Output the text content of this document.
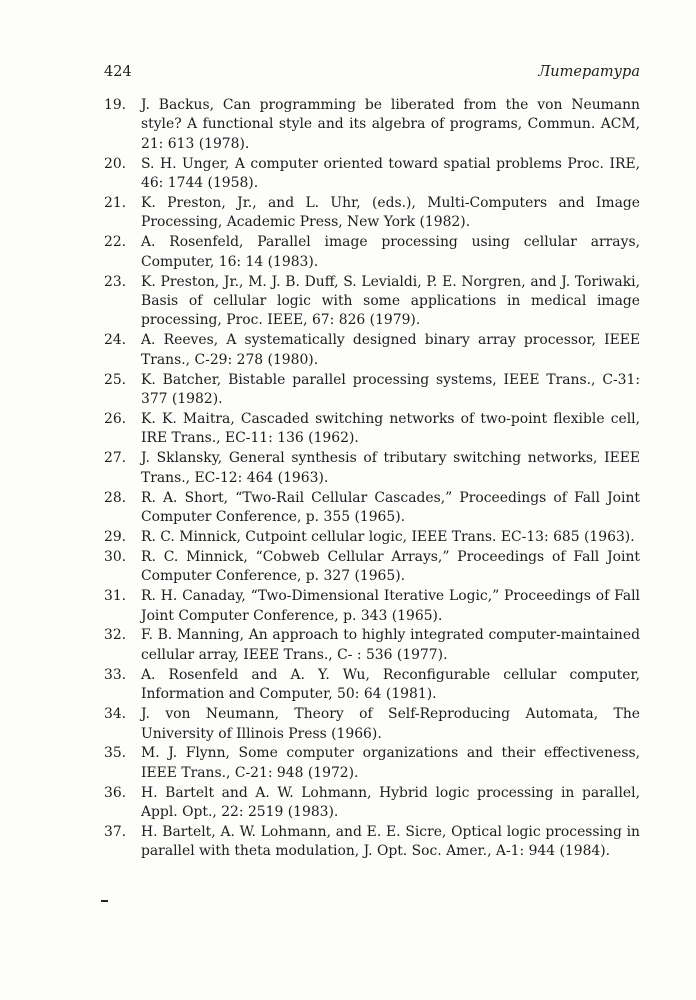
424	Литература
19. J. Backus, Can programming be liberated from the von Neumann style? A functional style and its algebra of programs, Commun. ACM, 21: 613 (1978).
20. S. H. Unger, A computer oriented toward spatial problems Proc. IRE, 46: 1744 (1958).
21. K. Preston, Jr., and L. Uhr, (eds.), Multi-Computers and Image Processing, Academic Press, New York (1982).
22. A. Rosenfeld, Parallel image processing using cellular arrays, Computer, 16: 14 (1983).
23. K. Preston, Jr., M. J. B. Duff, S. Levialdi, P. E. Norgren, and J. Toriwaki, Basis of cellular logic with some applications in medical image processing, Proc. IEEE, 67: 826 (1979).
24. A. Reeves, A systematically designed binary array processor, IEEE Trans., C-29: 278 (1980).
25. K. Batcher, Bistable parallel processing systems, IEEE Trans., C-31: 377 (1982).
26. K. K. Maitra, Cascaded switching networks of two-point flexible cell, IRE Trans., EC-11: 136 (1962).
27. J. Sklansky, General synthesis of tributary switching networks, IEEE Trans., EC-12: 464 (1963).
28. R. A. Short, “Two-Rail Cellular Cascades,” Proceedings of Fall Joint Computer Conference, p. 355 (1965).
29. R. C. Minnick, Cutpoint cellular logic, IEEE Trans. EC-13: 685 (1963).
30. R. C. Minnick, “Cobweb Cellular Arrays,” Proceedings of Fall Joint Computer Conference, p. 327 (1965).
31. R. H. Canaday, “Two-Dimensional Iterative Logic,” Proceedings of Fall Joint Computer Conference, p. 343 (1965).
32. F. B. Manning, An approach to highly integrated computer-maintained cellular array, IEEE Trans., C- : 536 (1977).
33. A. Rosenfeld and A. Y. Wu, Reconfigurable cellular computer, Information and Computer, 50: 64 (1981).
34. J. von Neumann, Theory of Self-Reproducing Automata, The University of Illinois Press (1966).
35. M. J. Flynn, Some computer organizations and their effectiveness, IEEE Trans., C-21: 948 (1972).
36. H. Bartelt and A. W. Lohmann, Hybrid logic processing in parallel, Appl. Opt., 22: 2519 (1983).
37. H. Bartelt, A. W. Lohmann, and E. E. Sicre, Optical logic processing in parallel with theta modulation, J. Opt. Soc. Amer., A-1: 944 (1984).
